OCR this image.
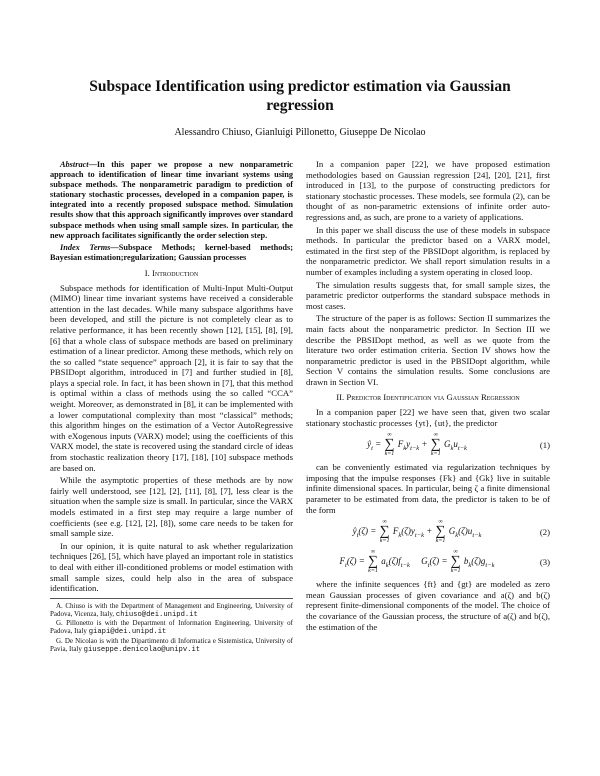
Subspace Identification using predictor estimation via Gaussian regression
Alessandro Chiuso, Gianluigi Pillonetto, Giuseppe De Nicolao

Abstract—In this paper we propose a new nonparametric approach to identification of linear time invariant systems using subspace methods. The nonparametric paradigm to prediction of stationary stochastic processes, developed in a companion paper, is integrated into a recently proposed subspace method. Simulation results show that this approach significantly improves over standard subspace methods when using small sample sizes. In particular, the new approach facilitates significantly the order selection step.

Index Terms—Subspace Methods; kernel-based methods; Bayesian estimation;regularization; Gaussian processes

I. Introduction

Subspace methods for identification of Multi-Input Multi-Output (MIMO) linear time invariant systems have received a considerable attention in the last decades. While many subspace algorithms have been developed, and still the picture is not completely clear as to relative performance, it has been recently shown [12], [15], [8], [9], [6] that a whole class of subspace methods are based on preliminary estimation of a linear predictor. Among these methods, which rely on the so called “state sequence” approach [2], it is fair to say that the PBSIDopt algorithm, introduced in [7] and further studied in [8], plays a special role. In fact, it has been shown in [7], that this method is optimal within a class of methods using the so called “CCA” weight. Moreover, as demonstrated in [8], it can be implemented with a lower computational complexity than most “classical” methods; this algorithm hinges on the estimation of a Vector AutoRegressive with eXogenous inputs (VARX) model; using the coefficients of this VARX model, the state is recovered using the standard circle of ideas from stochastic realization theory [17], [18], [10] subspace methods are based on.

While the asymptotic properties of these methods are by now fairly well understood, see [12], [2], [11], [8], [7], less clear is the situation when the sample size is small. In particular, since the VARX models estimated in a first step may require a large number of coefficients (see e.g. [12], [2], [8]), some care needs to be taken for small sample size.

In our opinion, it is quite natural to ask whether regularization techniques [26], [5], which have played an important role in statistics to deal with either ill-conditioned problems or model estimation with small sample sizes, could help also in the area of subspace identification.

A. Chiuso is with the Department of Management and Engineering, University of Padova, Vicenza, Italy, chiuso@dei.unipd.it
G. Pillonetto is with the Department of Information Engineering, University of Padova, Italy giapi@dei.unipd.it
G. De Nicolao is with the Dipartimento di Informatica e Sistemistica, University of Pavia, Italy giuseppe.denicolao@unipv.it

In a companion paper [22], we have proposed estimation methodologies based on Gaussian regression [24], [20], [21], first introduced in [13], to the purpose of constructing predictors for stationary stochastic processes. These models, see formula (2), can be thought of as non-parametric extensions of infinite order auto-regressions and, as such, are prone to a variety of applications.

In this paper we shall discuss the use of these models in subspace methods. In particular the predictor based on a VARX model, estimated in the first step of the PBSIDopt algorithm, is replaced by the nonparametric predictor. We shall report simulation results in a number of examples including a system operating in closed loop.

The simulation results suggests that, for small sample sizes, the parametric predictor outperforms the standard subspace methods in most cases.

The structure of the paper is as follows: Section II summarizes the main facts about the nonparametric predictor. In Section III we describe the PBSIDopt method, as well as we quote from the literature two order estimation criteria. Section IV shows how the nonparametric predictor is used in the PBSIDopt algorithm, while Section V contains the simulation results. Some conclusions are drawn in Section VI.

II. Predictor Identification via Gaussian Regression

In a companion paper [22] we have seen that, given two scalar stationary stochastic processes {yt}, {ut}, the predictor

$ŷ_t$ =
∞
∑
k=1
$F_ky_{t-k}$ +
∞
∑
k=1
$G_ku_{t-k}$	(1)

can be conveniently estimated via regularization techniques by imposing that the impulse responses {Fk} and {Gk} live in suitable infinite dimensional spaces. In particular, being ζ a finite dimensional parameter to be estimated from data, the predictor is taken to be of the form

$ŷ_t(\zeta)$ =
∞
∑
k=1
$F_k(\zeta)y_{t-k}$ +
∞
∑
k=1
$G_k(\zeta)u_{t-k}$	(2)
$F_t(\zeta)$ =
∞
∑
k=1
$a_k(\zeta)f_{t-k}$     $G_t(\zeta)$ =
∞
∑
k=1
$b_k(\zeta)g_{t-k}$	(3)

where the infinite sequences {ft} and {gt} are modeled as zero mean Gaussian processes of given covariance and a(ζ) and b(ζ) represent finite-dimensional components of the model. The choice of the covariance of the Gaussian process, the structure of a(ζ) and b(ζ), the estimation of the
